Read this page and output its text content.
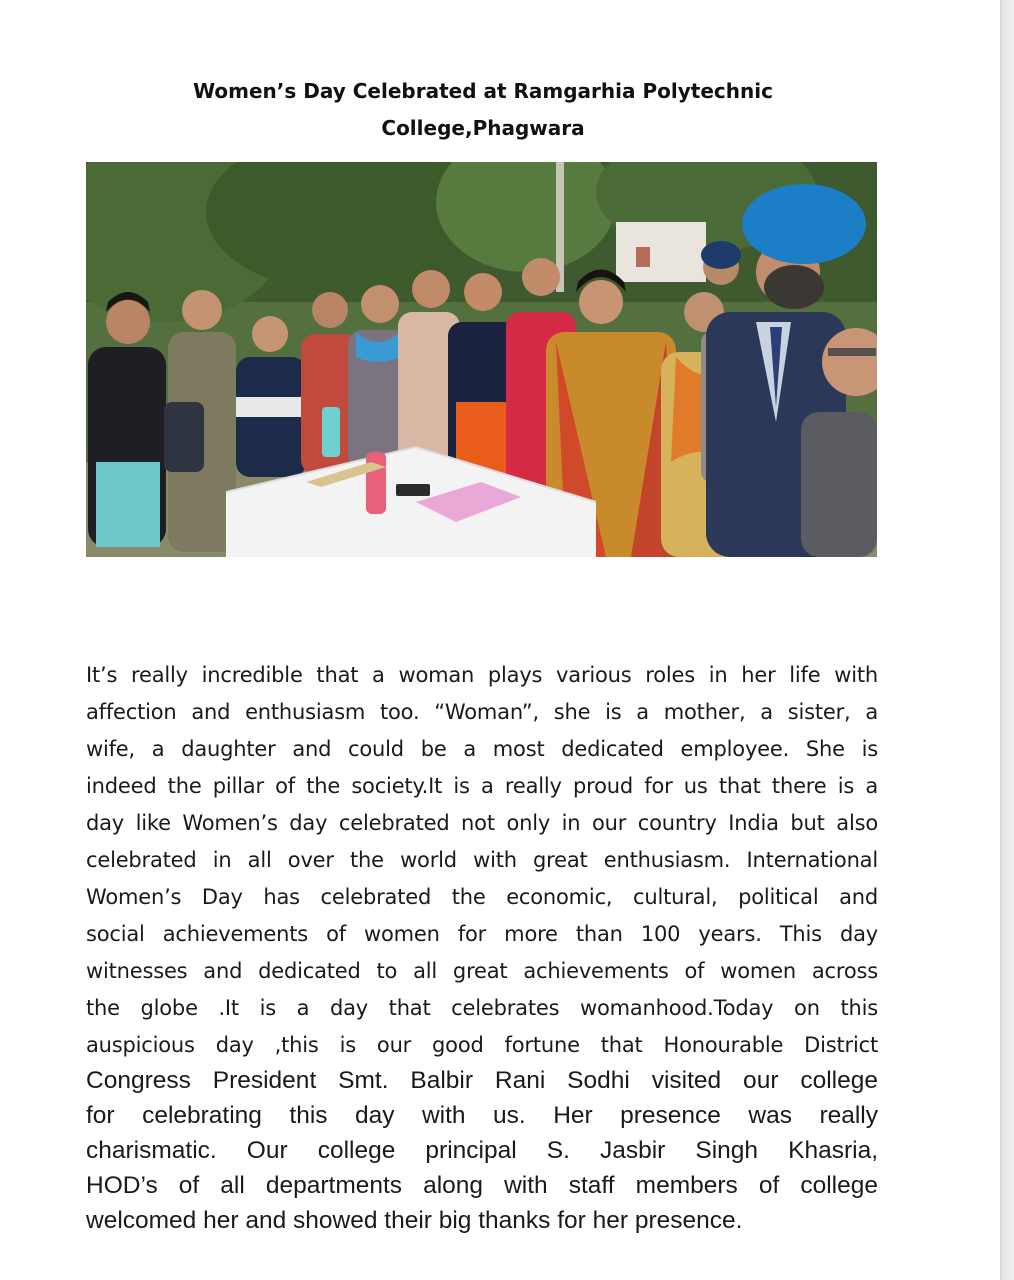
Women’s Day Celebrated at Ramgarhia Polytechnic
College,Phagwara
It’s really incredible that a woman plays various roles in her life with
affection and enthusiasm too. “Woman”, she is a mother, a sister, a
wife, a daughter and could be a most dedicated employee. She is
indeed the pillar of the society.It is a really proud for us that there is a
day like Women’s day celebrated not only in our country India but also
celebrated in all over the world with great enthusiasm. International
Women’s Day has celebrated the economic, cultural, political and
social achievements of women for more than 100 years. This day
witnesses and dedicated to all great achievements of women across
the globe .It is a day that celebrates womanhood.Today on this
auspicious day ,this is our good fortune that Honourable District
Congress President Smt. Balbir Rani Sodhi visited our college
for celebrating this day with us. Her presence was really
charismatic. Our college principal S. Jasbir Singh Khasria,
HOD’s of all departments along with staff members of college
welcomed her and showed their big thanks for her presence.
